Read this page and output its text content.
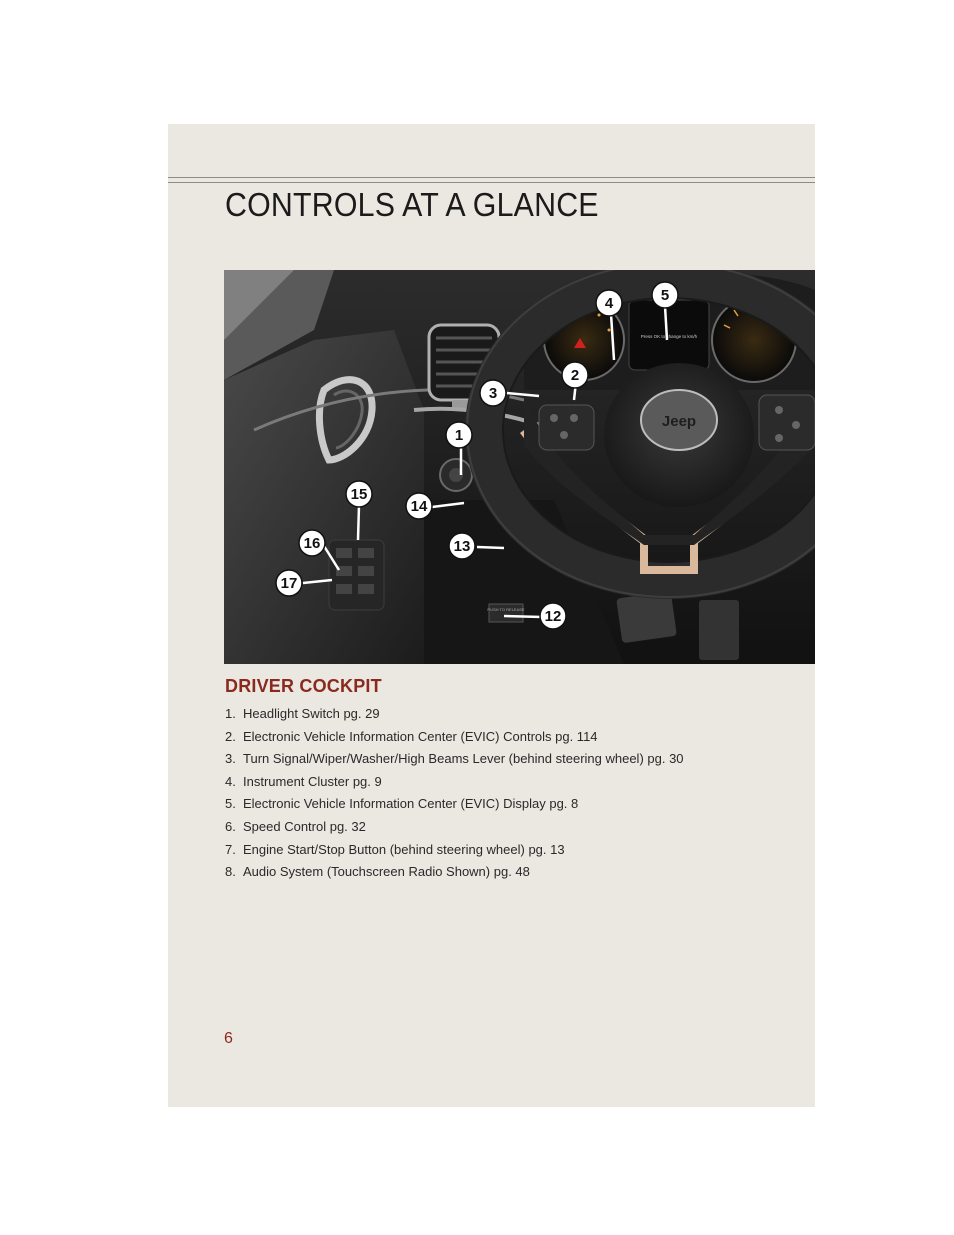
CONTROLS AT A GLANCE
PUSH TO RELEASE
Press OK to change to km/h
Jeep
1
2
3
4	5
12
13
14
15
16
17
DRIVER COCKPIT
1. Headlight Switch pg. 29
2. Electronic Vehicle Information Center (EVIC) Controls pg. 114
3. Turn Signal/Wiper/Washer/High Beams Lever (behind steering wheel) pg. 30
4. Instrument Cluster pg. 9
5. Electronic Vehicle Information Center (EVIC) Display pg. 8
6. Speed Control pg. 32
7. Engine Start/Stop Button (behind steering wheel) pg. 13
8. Audio System (Touchscreen Radio Shown) pg. 48
6
